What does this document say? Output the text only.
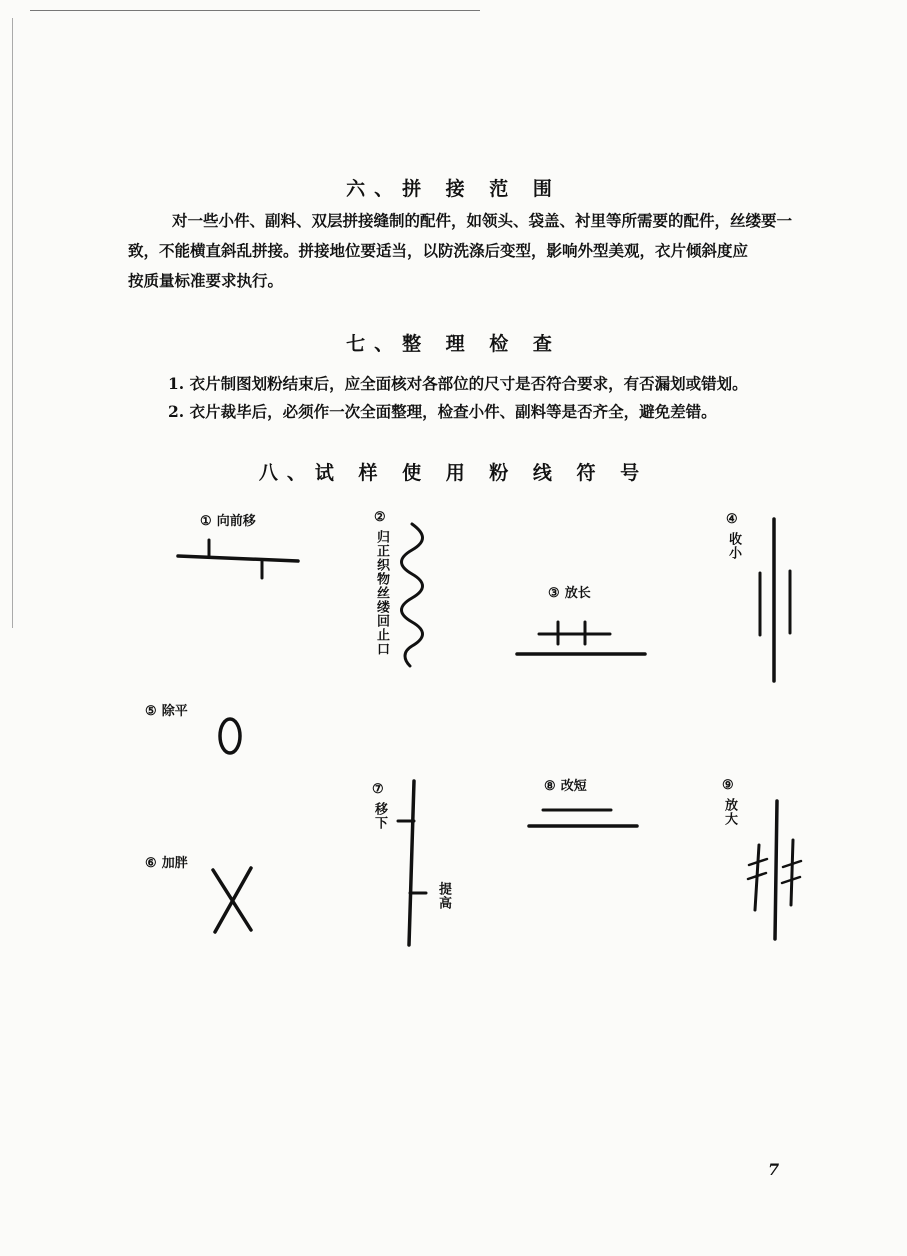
六、拼 接 范 围
对一些小件、副料、双层拼接缝制的配件，如领头、袋盖、衬里等所需要的配件，丝缕要一
致，不能横直斜乱拼接。拼接地位要适当，以防洗涤后变型，影响外型美观，衣片倾斜度应
按质量标准要求执行。
七、整 理 检 查
1. 衣片制图划粉结束后，应全面核对各部位的尺寸是否符合要求，有否漏划或错划。
2. 衣片裁毕后，必须作一次全面整理，检查小件、副料等是否齐全，避免差错。
八、试 样 使 用 粉 线 符 号
① 向前移	②
归正织物丝缕回止口	③ 放长
④
收小
⑤ 除平
⑥ 加胖
⑦
移下
提高
⑧ 改短	⑨
放大
7
